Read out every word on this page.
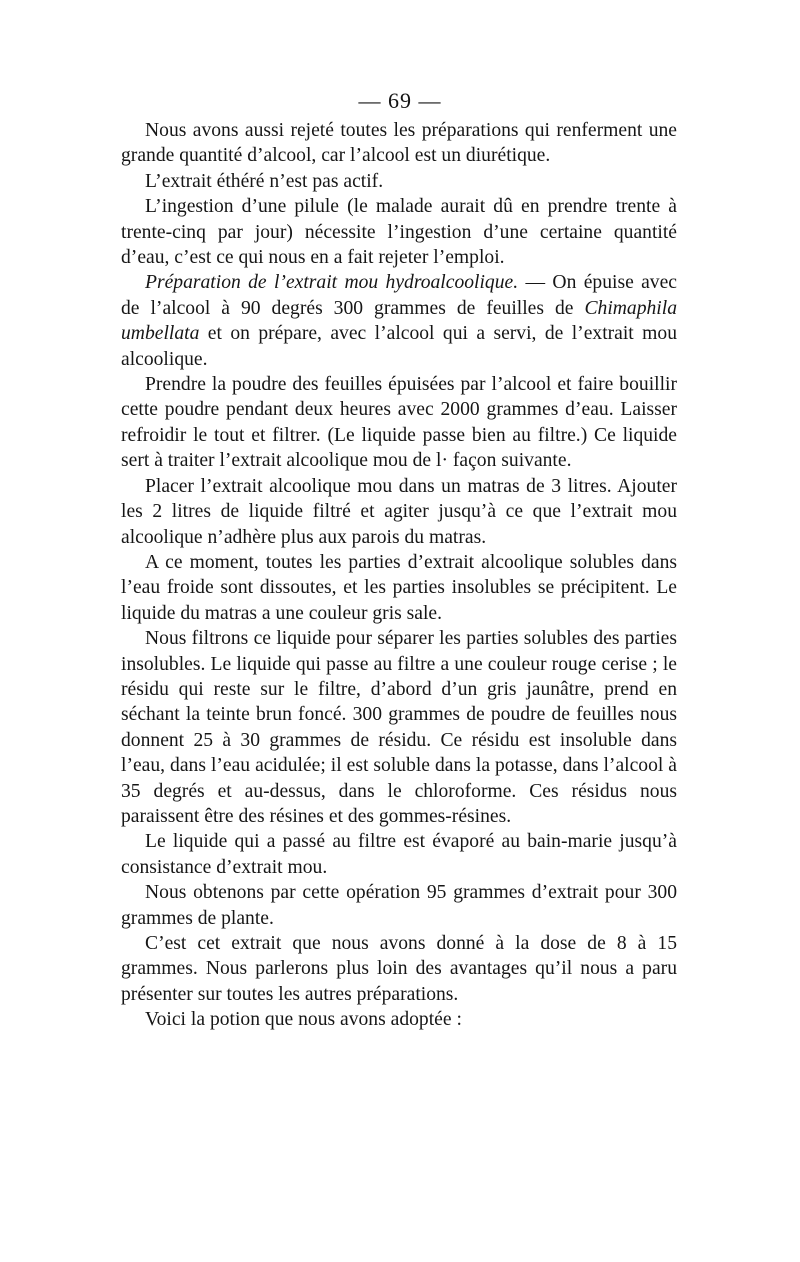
— 69 —

Nous avons aussi rejeté toutes les préparations qui renferment une grande quantité d’alcool, car l’alcool est un diurétique.

L’extrait éthéré n’est pas actif.

L’ingestion d’une pilule (le malade aurait dû en prendre trente à trente-cinq par jour) nécessite l’ingestion d’une certaine quantité d’eau, c’est ce qui nous en a fait rejeter l’emploi.

Préparation de l’extrait mou hydroalcoolique. — On épuise avec de l’alcool à 90 degrés 300 grammes de feuilles de Chimaphila umbellata et on prépare, avec l’alcool qui a servi, de l’extrait mou alcoolique.

Prendre la poudre des feuilles épuisées par l’alcool et faire bouillir cette poudre pendant deux heures avec 2000 grammes d’eau. Laisser refroidir le tout et filtrer. (Le liquide passe bien au filtre.) Ce liquide sert à traiter l’extrait alcoolique mou de l· façon suivante.

Placer l’extrait alcoolique mou dans un matras de 3 litres. Ajouter les 2 litres de liquide filtré et agiter jusqu’à ce que l’extrait mou alcoolique n’adhère plus aux parois du matras.

A ce moment, toutes les parties d’extrait alcoolique solubles dans l’eau froide sont dissoutes, et les parties insolubles se précipitent. Le liquide du matras a une couleur gris sale.

Nous filtrons ce liquide pour séparer les parties solubles des parties insolubles. Le liquide qui passe au filtre a une couleur rouge cerise ; le résidu qui reste sur le filtre, d’abord d’un gris jaunâtre, prend en séchant la teinte brun foncé. 300 grammes de poudre de feuilles nous donnent 25 à 30 grammes de résidu. Ce résidu est insoluble dans l’eau, dans l’eau acidulée; il est soluble dans la potasse, dans l’alcool à 35 degrés et au-dessus, dans le chloroforme. Ces résidus nous paraissent être des résines et des gommes-résines.

Le liquide qui a passé au filtre est évaporé au bain-marie jusqu’à consistance d’extrait mou.

Nous obtenons par cette opération 95 grammes d’extrait pour 300 grammes de plante.

C’est cet extrait que nous avons donné à la dose de 8 à 15 grammes. Nous parlerons plus loin des avantages qu’il nous a paru présenter sur toutes les autres préparations.

Voici la potion que nous avons adoptée :
